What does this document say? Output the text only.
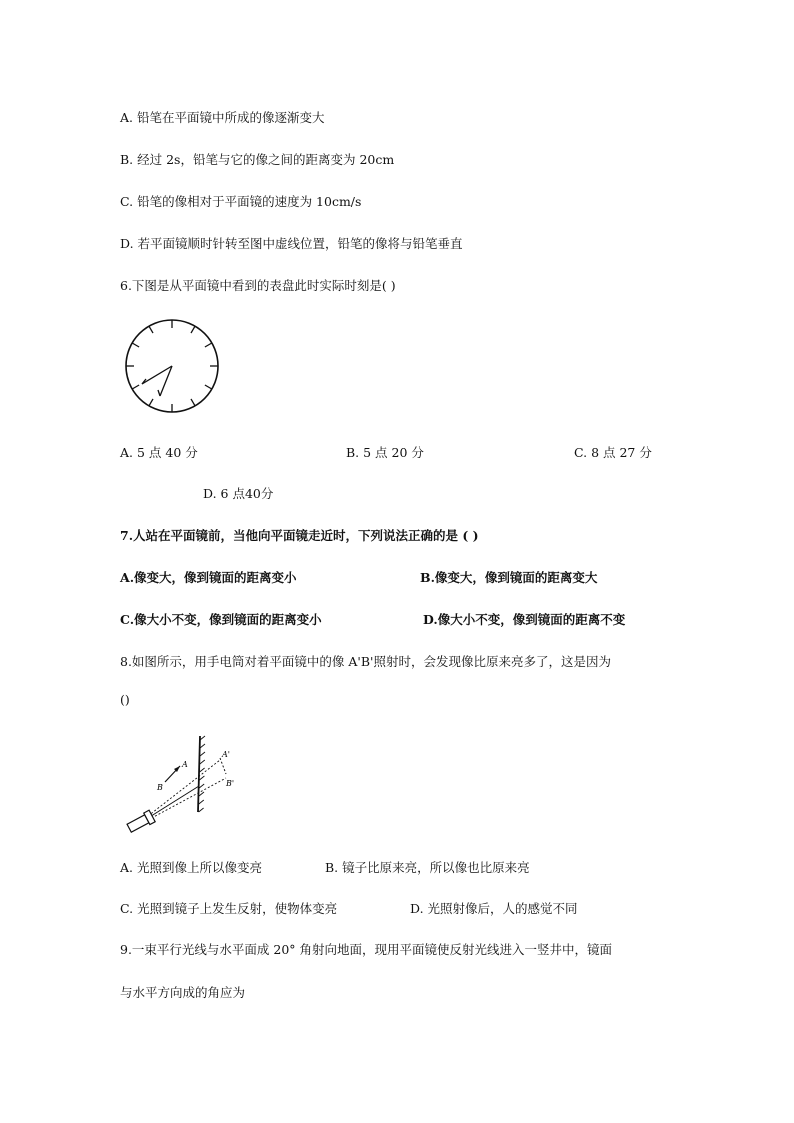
A. 铅笔在平面镜中所成的像逐渐变大
B. 经过 2s，铅笔与它的像之间的距离变为 20cm
C. 铅笔的像相对于平面镜的速度为 10cm/s
D. 若平面镜顺时针转至图中虚线位置，铅笔的像将与铅笔垂直
6.下图是从平面镜中看到的表盘此时实际时刻是( )
A. 5 点 40 分	B. 5 点 20 分	C. 8 点 27 分
D. 6 点40分
7.人站在平面镜前，当他向平面镜走近时，下列说法正确的是 ( )
A.像变大，像到镜面的距离变小	B.像变大，像到镜面的距离变大
C.像大小不变，像到镜面的距离变小	D.像大小不变，像到镜面的距离不变
8.如图所示，用手电筒对着平面镜中的像 A'B'照射时，会发现像比原来亮多了，这是因为
()
A
B
A'
B'
A. 光照到像上所以像变亮	B. 镜子比原来亮，所以像也比原来亮
C. 光照到镜子上发生反射，使物体变亮	D. 光照射像后，人的感觉不同
9.一束平行光线与水平面成 20° 角射向地面，现用平面镜使反射光线进入一竖井中，镜面
与水平方向成的角应为
